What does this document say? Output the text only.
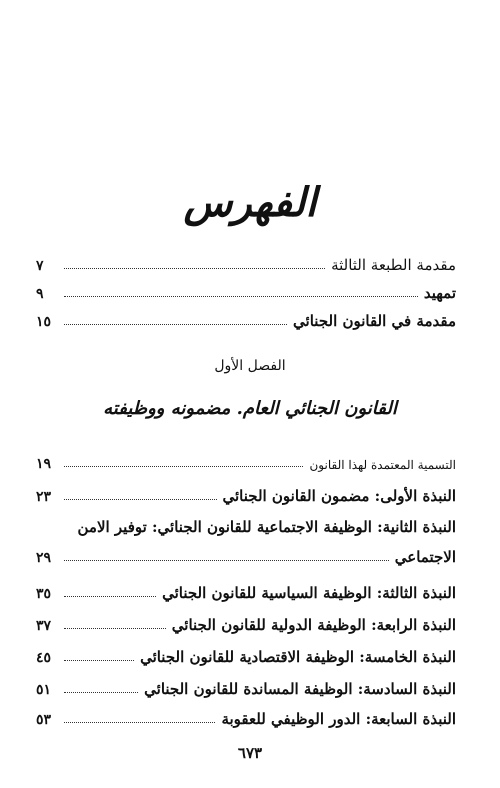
الفهرس
مقدمة الطبعة الثالثة
٧
تمهيد
٩
مقدمة في القانون الجنائي
١٥
الفصل الأول
القانون الجنائي العام. مضمونه ووظيفته
التسمية المعتمدة لهذا القانون
١٩
النبذة الأولى: مضمون القانون الجنائي
٢٣
النبذة الثانية: الوظيفة الاجتماعية للقانون الجنائي: توفير الامن
الاجتماعي
٢٩
النبذة الثالثة: الوظيفة السياسية للقانون الجنائي
٣٥
النبذة الرابعة: الوظيفة الدولية للقانون الجنائي
٣٧
النبذة الخامسة: الوظيفة الاقتصادية للقانون الجنائي
٤٥
النبذة السادسة: الوظيفة المساندة للقانون الجنائي
٥١
النبذة السابعة: الدور الوظيفي للعقوبة
٥٣
٦٧٣
